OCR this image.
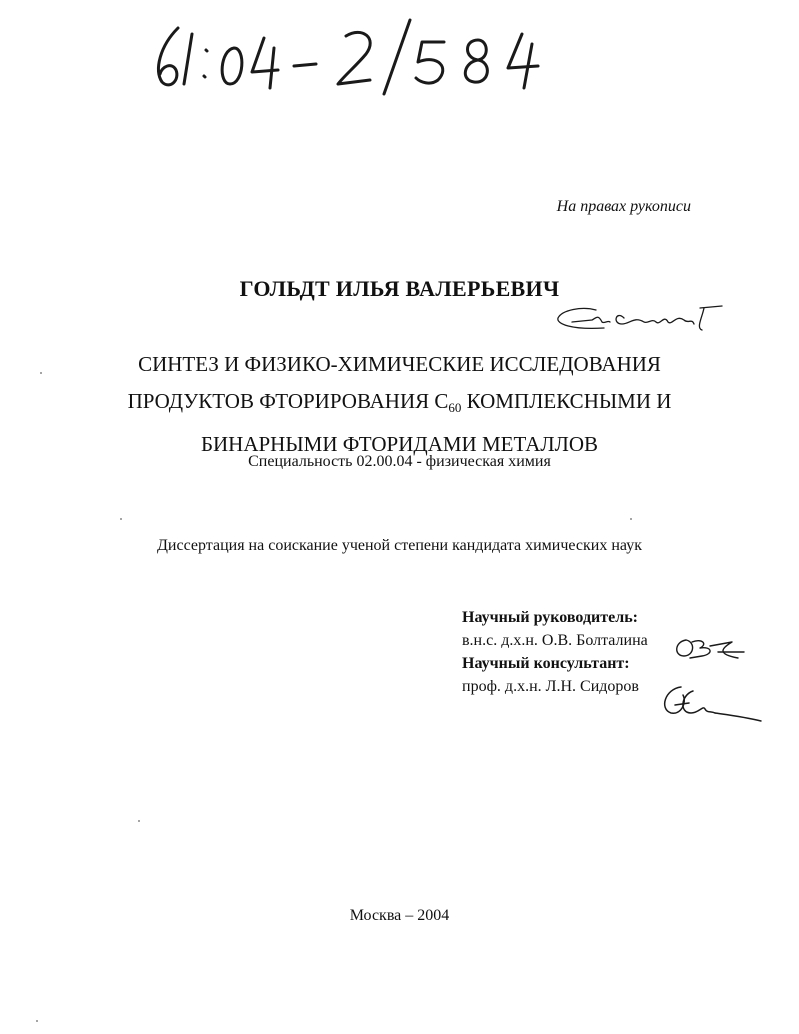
На правах рукописи
ГОЛЬДТ ИЛЬЯ ВАЛЕРЬЕВИЧ
СИНТЕЗ И ФИЗИКО-ХИМИЧЕСКИЕ ИССЛЕДОВАНИЯ
ПРОДУКТОВ ФТОРИРОВАНИЯ $С_{60}$ КОМПЛЕКСНЫМИ И
БИНАРНЫМИ ФТОРИДАМИ МЕТАЛЛОВ
Специальность 02.00.04 - физическая химия
Диссертация на соискание ученой степени кандидата химических наук
Научный руководитель:
в.н.с. д.х.н. О.В. Болталина
Научный консультант:
проф. д.х.н. Л.Н. Сидоров
Москва – 2004
